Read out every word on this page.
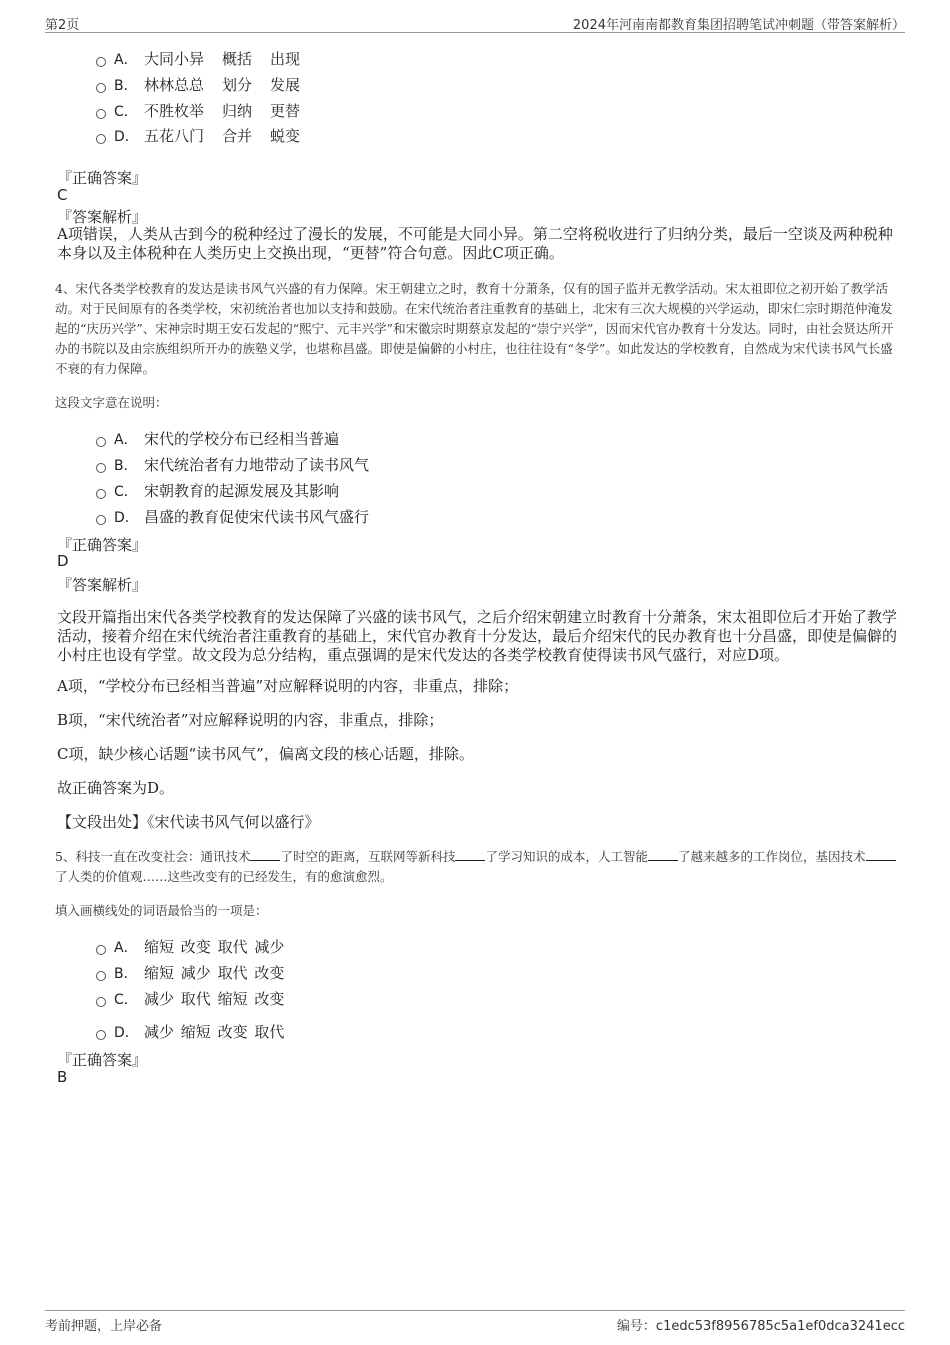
第2页	2024年河南南都教育集团招聘笔试冲刺题（带答案解析）
A． 大同小异 概括 出现
B． 林林总总 划分 发展
C． 不胜枚举 归纳 更替
D． 五花八门 合并 蜕变
『正确答案』
C
『答案解析』
A项错误，人类从古到今的税种经过了漫长的发展，不可能是大同小异。第二空将税收进行了归纳分类，最后一空谈及两种税种本身以及主体税种在人类历史上交换出现，“更替”符合句意。因此C项正确。
4、宋代各类学校教育的发达是读书风气兴盛的有力保障。宋王朝建立之时，教育十分萧条，仅有的国子监并无教学活动。宋太祖即位之初开始了教学活动。对于民间原有的各类学校，宋初统治者也加以支持和鼓励。在宋代统治者注重教育的基础上，北宋有三次大规模的兴学运动，即宋仁宗时期范仲淹发起的“庆历兴学”、宋神宗时期王安石发起的“熙宁、元丰兴学”和宋徽宗时期蔡京发起的“崇宁兴学”，因而宋代官办教育十分发达。同时，由社会贤达所开办的书院以及由宗族组织所开办的族塾义学，也堪称昌盛。即使是偏僻的小村庄，也往往设有“冬学”。如此发达的学校教育，自然成为宋代读书风气长盛不衰的有力保障。
这段文字意在说明：
A． 宋代的学校分布已经相当普遍
B． 宋代统治者有力地带动了读书风气
C． 宋朝教育的起源发展及其影响
D． 昌盛的教育促使宋代读书风气盛行
『正确答案』
D
『答案解析』
文段开篇指出宋代各类学校教育的发达保障了兴盛的读书风气，之后介绍宋朝建立时教育十分萧条，宋太祖即位后才开始了教学活动，接着介绍在宋代统治者注重教育的基础上，宋代官办教育十分发达，最后介绍宋代的民办教育也十分昌盛，即使是偏僻的小村庄也设有学堂。故文段为总分结构，重点强调的是宋代发达的各类学校教育使得读书风气盛行，对应D项。
A项，“学校分布已经相当普遍”对应解释说明的内容，非重点，排除；
B项，“宋代统治者”对应解释说明的内容，非重点，排除；
C项，缺少核心话题“读书风气”，偏离文段的核心话题，排除。
故正确答案为D。
【文段出处】《宋代读书风气何以盛行》
5、科技一直在改变社会：通讯技术 了时空的距离，互联网等新科技 了学习知识的成本，人工智能 了越来越多的工作岗位，基因技术了人类的价值观……这些改变有的已经发生，有的愈演愈烈。
填入画横线处的词语最恰当的一项是：
A． 缩短 改变 取代 减少
B． 缩短 减少 取代 改变
C． 减少 取代 缩短 改变
D． 减少 缩短 改变 取代
『正确答案』
B
考前押题，上岸必备	编号：c1edc53f8956785c5a1ef0dca3241ecc
